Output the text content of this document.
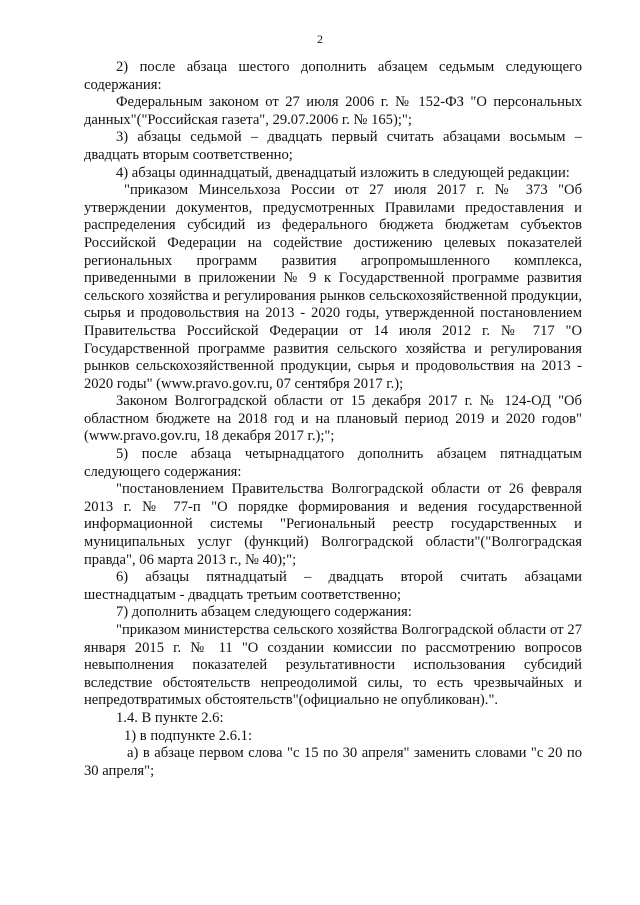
2

2) после абзаца шестого дополнить абзацем седьмым следующего содержания:

Федеральным законом от 27 июля 2006 г. № 152-ФЗ "О персональных данных"("Российская газета", 29.07.2006 г. № 165);";

3) абзацы седьмой – двадцать первый считать абзацами восьмым – двадцать вторым соответственно;

4) абзацы одиннадцатый, двенадцатый изложить в следующей редакции:

"приказом Минсельхоза России от 27 июля 2017 г. № 373 "Об утверждении документов, предусмотренных Правилами предоставления и распределения субсидий из федерального бюджета бюджетам субъектов Российской Федерации на содействие достижению целевых показателей региональных программ развития агропромышленного комплекса, приведенными в приложении № 9 к Государственной программе развития сельского хозяйства и регулирования рынков сельскохозяйственной продукции, сырья и продовольствия на 2013 - 2020 годы, утвержденной постановлением Правительства Российской Федерации от 14 июля 2012 г. № 717 "О Государственной программе развития сельского хозяйства и регулирования рынков сельскохозяйственной продукции, сырья и продовольствия на 2013 - 2020 годы" (www.pravo.gov.ru, 07 сентября 2017 г.);

Законом Волгоградской области от 15 декабря 2017 г. № 124-ОД "Об областном бюджете на 2018 год и на плановый период 2019 и 2020 годов" (www.pravo.gov.ru, 18 декабря 2017 г.);";

5) после абзаца четырнадцатого дополнить абзацем пятнадцатым следующего содержания:

"постановлением Правительства Волгоградской области от 26 февраля 2013 г. № 77-п "О порядке формирования и ведения государственной информационной системы "Региональный реестр государственных и муниципальных услуг (функций) Волгоградской области"("Волгоградская правда", 06 марта 2013 г., № 40);";

6) абзацы пятнадцатый – двадцать второй считать абзацами шестнадцатым - двадцать третьим соответственно;

7) дополнить абзацем следующего содержания:

"приказом министерства сельского хозяйства Волгоградской области от 27 января 2015 г. № 11 "О создании комиссии по рассмотрению вопросов невыполнения показателей результативности использования субсидий вследствие обстоятельств непреодолимой силы, то есть чрезвычайных и непредотвратимых обстоятельств"(официально не опубликован).".

1.4. В пункте 2.6:

1) в подпункте 2.6.1:

а) в абзаце первом слова "с 15 по 30 апреля" заменить словами "с 20 по 30 апреля";
